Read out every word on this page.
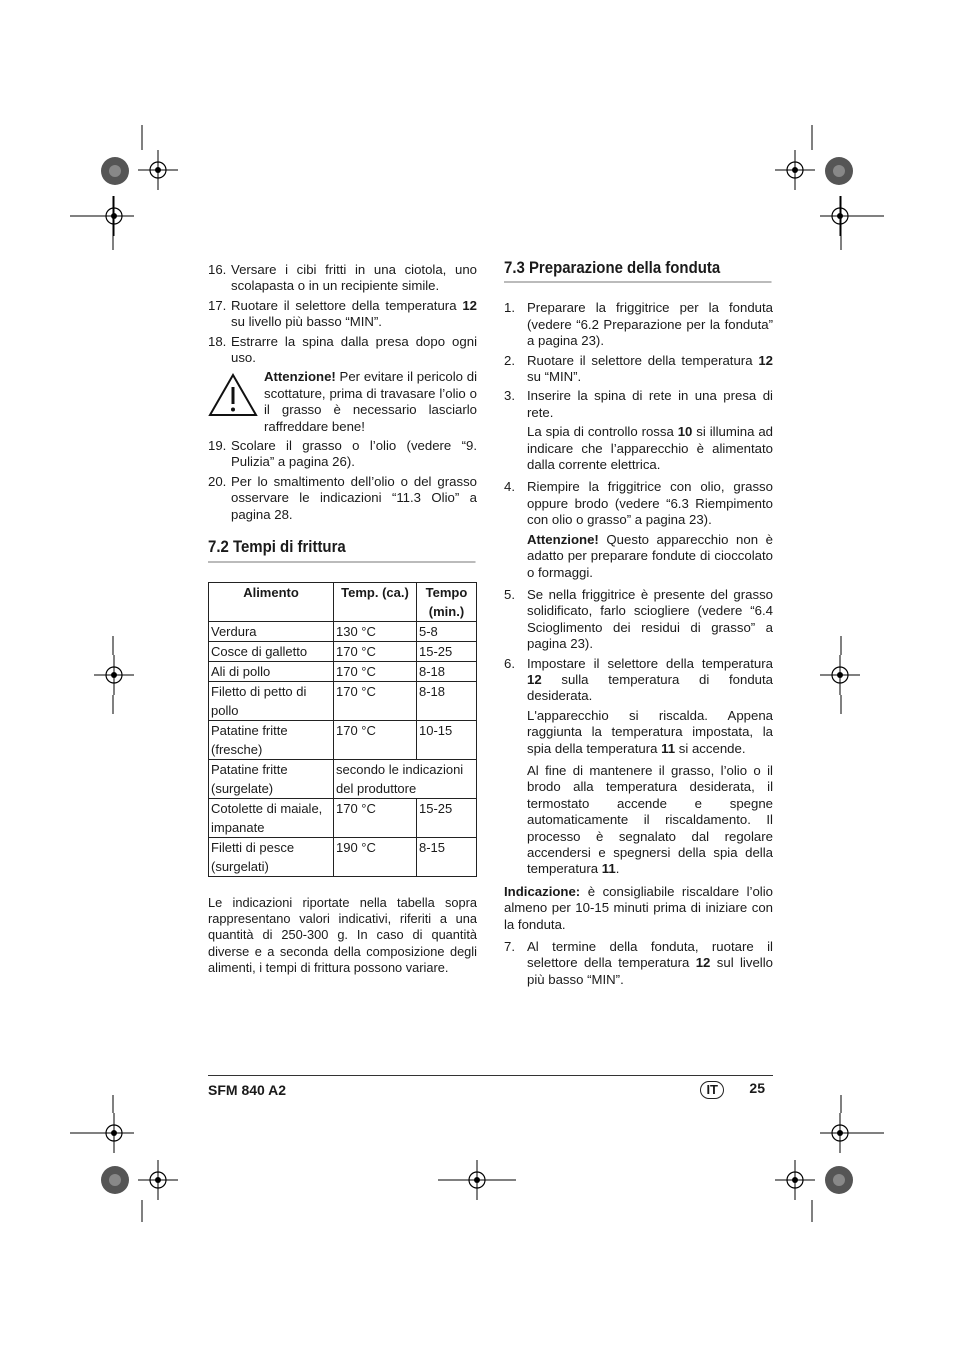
16. Versare i cibi fritti in una ciotola, uno scolapasta o in un recipiente simile.
17. Ruotare il selettore della temperatura 12 su livello più basso “MIN”.
18. Estrarre la spina dalla presa dopo ogni uso.
Attenzione! Per evitare il pericolo di scottature, prima di travasare l’olio o il grasso è necessario lasciarlo raffreddare bene!
19. Scolare il grasso o l’olio (vedere “9. Pulizia” a pagina 26).
20. Per lo smaltimento dell’olio o del grasso osservare le indicazioni “11.3 Olio” a pagina 28.
7.2 Tempi di frittura
Alimento	Temp. (ca.)	Tempo (min.)
Verdura	130 °C	5-8
Cosce di galletto	170 °C	15-25
Ali di pollo	170 °C	8-18
Filetto di petto di pollo	170 °C	8-18
Patatine fritte (fresche)	170 °C	10-15
Patatine fritte (surgelate)	secondo le indicazioni del produttore	
Cotolette di maiale, impanate	170 °C	15-25
Filetti di pesce (surgelati)	190 °C	8-15

Le indicazioni riportate nella tabella sopra rappresentano valori indicativi, riferiti a una quantità di 250-300 g. In caso di quantità diverse e a seconda della composizione degli alimenti, i tempi di frittura possono variare.

7.3 Preparazione della fonduta
1. Preparare la friggitrice per la fonduta (vedere “6.2 Preparazione per la fonduta” a pagina 23).
2. Ruotare il selettore della temperatura 12 su “MIN”.
3. Inserire la spina di rete in una presa di rete.

La spia di controllo rossa 10 si illumina ad indicare che l’apparecchio è alimentato dalla corrente elettrica.

4. Riempire la friggitrice con olio, grasso oppure brodo (vedere “6.3 Riempimento con olio o grasso” a pagina 23).

Attenzione! Questo apparecchio non è adatto per preparare fondute di cioccolato o formaggi.

5. Se nella friggitrice è presente del grasso solidificato, farlo sciogliere (vedere “6.4 Scioglimento dei residui di grasso” a pagina 23).
6. Impostare il selettore della temperatura 12 sulla temperatura di fonduta desiderata.

L'apparecchio si riscalda. Appena raggiunta la temperatura impostata, la spia della temperatura 11 si accende.

Al fine di mantenere il grasso, l’olio o il brodo alla temperatura desiderata, il termostato accende e spegne automaticamente il riscaldamento. Il processo è segnalato dal regolare accendersi e spegnersi della spia della temperatura 11.

Indicazione: è consigliabile riscaldare l’olio almeno per 10-15 minuti prima di iniziare con la fonduta.

7. Al termine della fonduta, ruotare il selettore della temperatura 12 sul livello più basso “MIN”.
SFM 840 A2	IT	25
